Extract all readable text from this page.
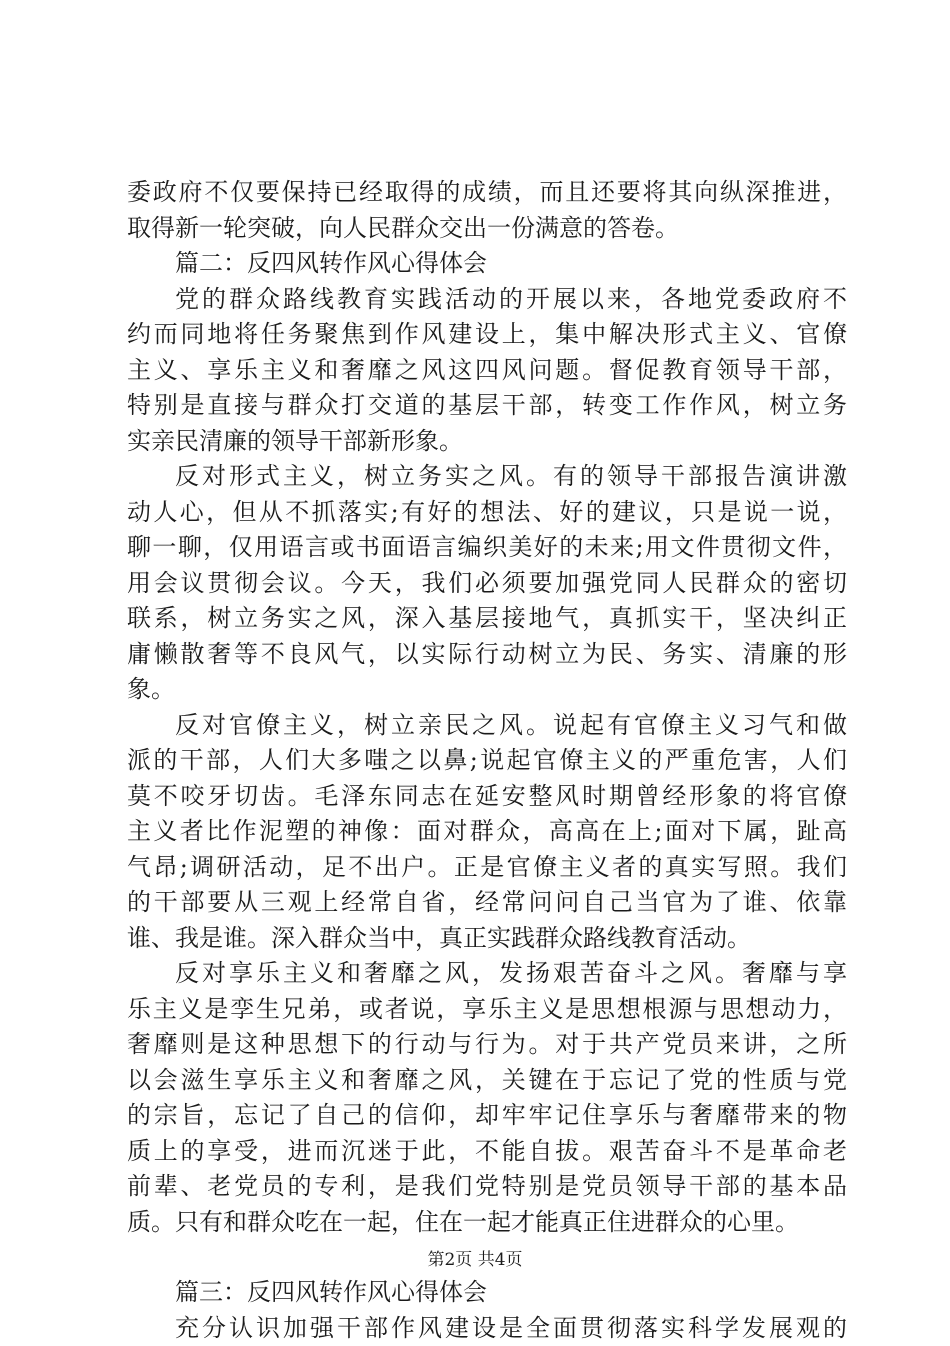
委政府不仅要保持已经取得的成绩，而且还要将其向纵深推进，
取得新一轮突破，向人民群众交出一份满意的答卷。
篇二：反四风转作风心得体会
党的群众路线教育实践活动的开展以来，各地党委政府不
约而同地将任务聚焦到作风建设上，集中解决形式主义、官僚
主义、享乐主义和奢靡之风这四风问题。督促教育领导干部，
特别是直接与群众打交道的基层干部，转变工作作风，树立务
实亲民清廉的领导干部新形象。
反对形式主义，树立务实之风。有的领导干部报告演讲激
动人心，但从不抓落实;有好的想法、好的建议，只是说一说，
聊一聊，仅用语言或书面语言编织美好的未来;用文件贯彻文件，
用会议贯彻会议。今天，我们必须要加强党同人民群众的密切
联系，树立务实之风，深入基层接地气，真抓实干，坚决纠正
庸懒散奢等不良风气，以实际行动树立为民、务实、清廉的形
象。
反对官僚主义，树立亲民之风。说起有官僚主义习气和做
派的干部，人们大多嗤之以鼻;说起官僚主义的严重危害，人们
莫不咬牙切齿。毛泽东同志在延安整风时期曾经形象的将官僚
主义者比作泥塑的神像：面对群众，高高在上;面对下属，趾高
气昂;调研活动，足不出户。正是官僚主义者的真实写照。我们
的干部要从三观上经常自省，经常问问自己当官为了谁、依靠
谁、我是谁。深入群众当中，真正实践群众路线教育活动。
反对享乐主义和奢靡之风，发扬艰苦奋斗之风。奢靡与享
乐主义是孪生兄弟，或者说，享乐主义是思想根源与思想动力，
奢靡则是这种思想下的行动与行为。对于共产党员来讲，之所
以会滋生享乐主义和奢靡之风，关键在于忘记了党的性质与党
的宗旨，忘记了自己的信仰，却牢牢记住享乐与奢靡带来的物
质上的享受，进而沉迷于此，不能自拔。艰苦奋斗不是革命老
前辈、老党员的专利，是我们党特别是党员领导干部的基本品
质。只有和群众吃在一起，住在一起才能真正住进群众的心里。
篇三：反四风转作风心得体会
充分认识加强干部作风建设是全面贯彻落实科学发展观的
第2页 共4页
